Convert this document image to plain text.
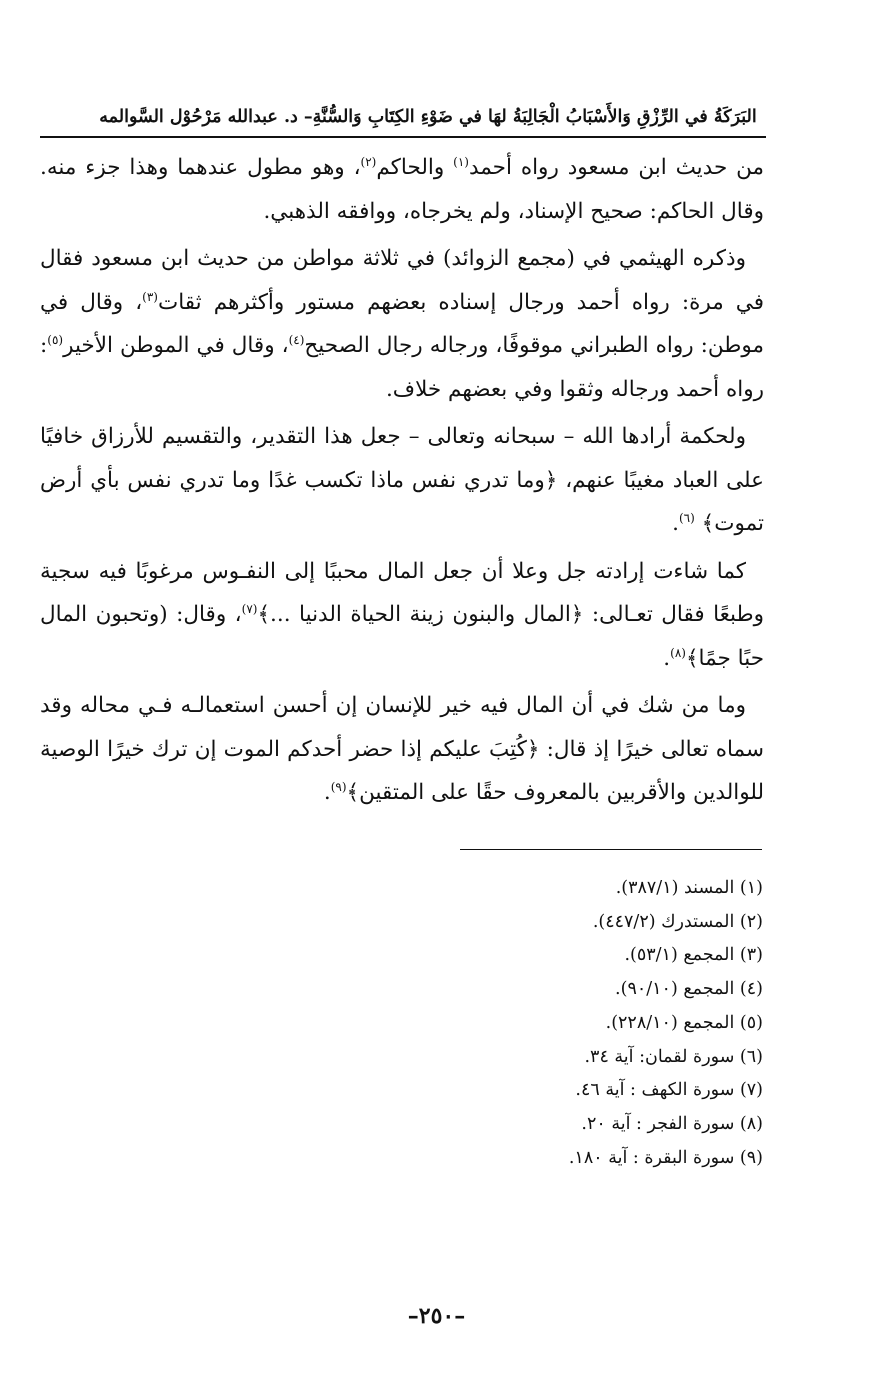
البَرَكَةُ في الرِّزْقِ وَالأَسْبَابُ الْجَالِبَةُ لهَا في ضَوْءِ الكِتَابِ وَالسُّنَّةِ– د. عبدالله مَرْحُوْل السَّوالمه

من حديث ابن مسعود رواه أحمد$^{(١)}$ والحاكم$^{(٢)}$، وهو مطول عندهما وهذا جزء منه. وقال الحاكم: صحيح الإسناد، ولم يخرجاه، ووافقه الذهبي.

وذكره الهيثمي في (مجمع الزوائد) في ثلاثة مواطن من حديث ابن مسعود فقال في مرة: رواه أحمد ورجال إسناده بعضهم مستور وأكثرهم ثقات$^{(٣)}$، وقال في موطن: رواه الطبراني موقوفًا، ورجاله رجال الصحيح$^{(٤)}$، وقال في الموطن الأخير$^{(٥)}$: رواه أحمد ورجاله وثقوا وفي بعضهم خلاف.

ولحكمة أرادها الله – سبحانه وتعالى – جعل هذا التقدير، والتقسيم للأرزاق خافيًا على العباد مغيبًا عنهم، ﴿وما تدري نفس ماذا تكسب غدًا وما تدري نفس بأي أرض تموت﴾ $^{(٦)}$.

كما شاءت إرادته جل وعلا أن جعل المال محببًا إلى النفـوس مرغوبًا فيه سجية وطبعًا فقال تعـالى: ﴿المال والبنون زينة الحياة الدنيا ...﴾$^{(٧)}$، وقال: (وتحبون المال حبًا جمًا﴾$^{(٨)}$.

وما من شك في أن المال فيه خير للإنسان إن أحسن استعمالـه فـي محاله وقد سماه تعالى خيرًا إذ قال: ﴿كُتِبَ عليكم إذا حضر أحدكم الموت إن ترك خيرًا الوصية للوالدين والأقربين بالمعروف حقًا على المتقين﴾$^{(٩)}$.

(١) المسند (٣٨٧/١).
(٢) المستدرك (٤٤٧/٢).
(٣) المجمع (٥٣/١).
(٤) المجمع (٩٠/١٠).
(٥) المجمع (٢٢٨/١٠).
(٦) سورة لقمان: آية ٣٤.
(٧) سورة الكهف : آية ٤٦.
(٨) سورة الفجر : آية ٢٠.
(٩) سورة البقرة : آية ١٨٠.
–٢٥٠–
